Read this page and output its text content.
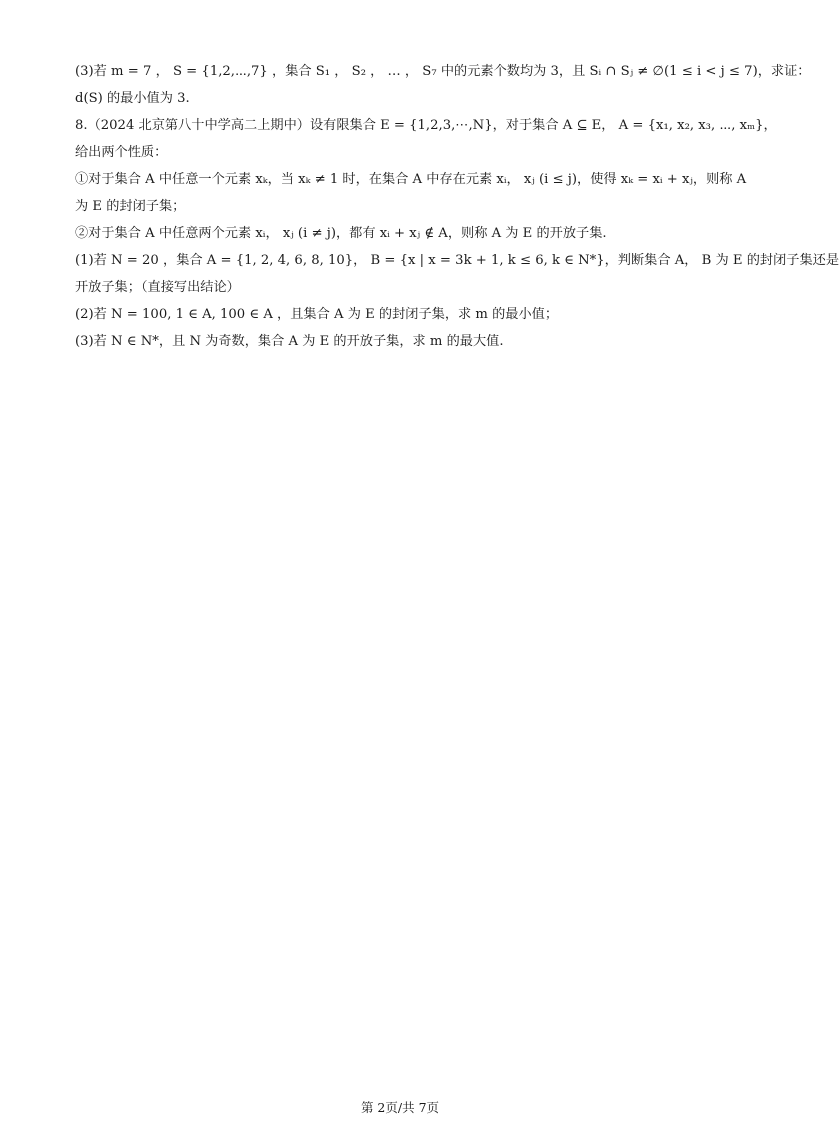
(3)若 m = 7 ， S = {1,2,⋯,7} ，集合 S₁ ， S₂ ， … ， S₇ 中的元素个数均为 3，且 Sᵢ ∩ Sⱼ ≠ ∅(1 ≤ i < j ≤ 7)，求证：
d(S) 的最小值为 3.
8.（2024 北京第八十中学高二上期中）设有限集合 E = {1,2,3,⋯,N}，对于集合 A ⊆ E， A = {x₁, x₂, x₃, ⋯, xₘ}，
给出两个性质：
①对于集合 A 中任意一个元素 xₖ，当 xₖ ≠ 1 时，在集合 A 中存在元素 xᵢ， xⱼ (i ≤ j)，使得 xₖ = xᵢ + xⱼ，则称 A
为 E 的封闭子集；
②对于集合 A 中任意两个元素 xᵢ， xⱼ (i ≠ j)，都有 xᵢ + xⱼ ∉ A，则称 A 为 E 的开放子集.
(1)若 N = 20 ，集合 A = {1, 2, 4, 6, 8, 10}， B = {x | x = 3k + 1, k ≤ 6, k ∈ N*}，判断集合 A， B 为 E 的封闭子集还是
开放子集；（直接写出结论）
(2)若 N = 100, 1 ∈ A, 100 ∈ A ，且集合 A 为 E 的封闭子集，求 m 的最小值；
(3)若 N ∈ N*，且 N 为奇数，集合 A 为 E 的开放子集，求 m 的最大值.
第 2页/共 7页
